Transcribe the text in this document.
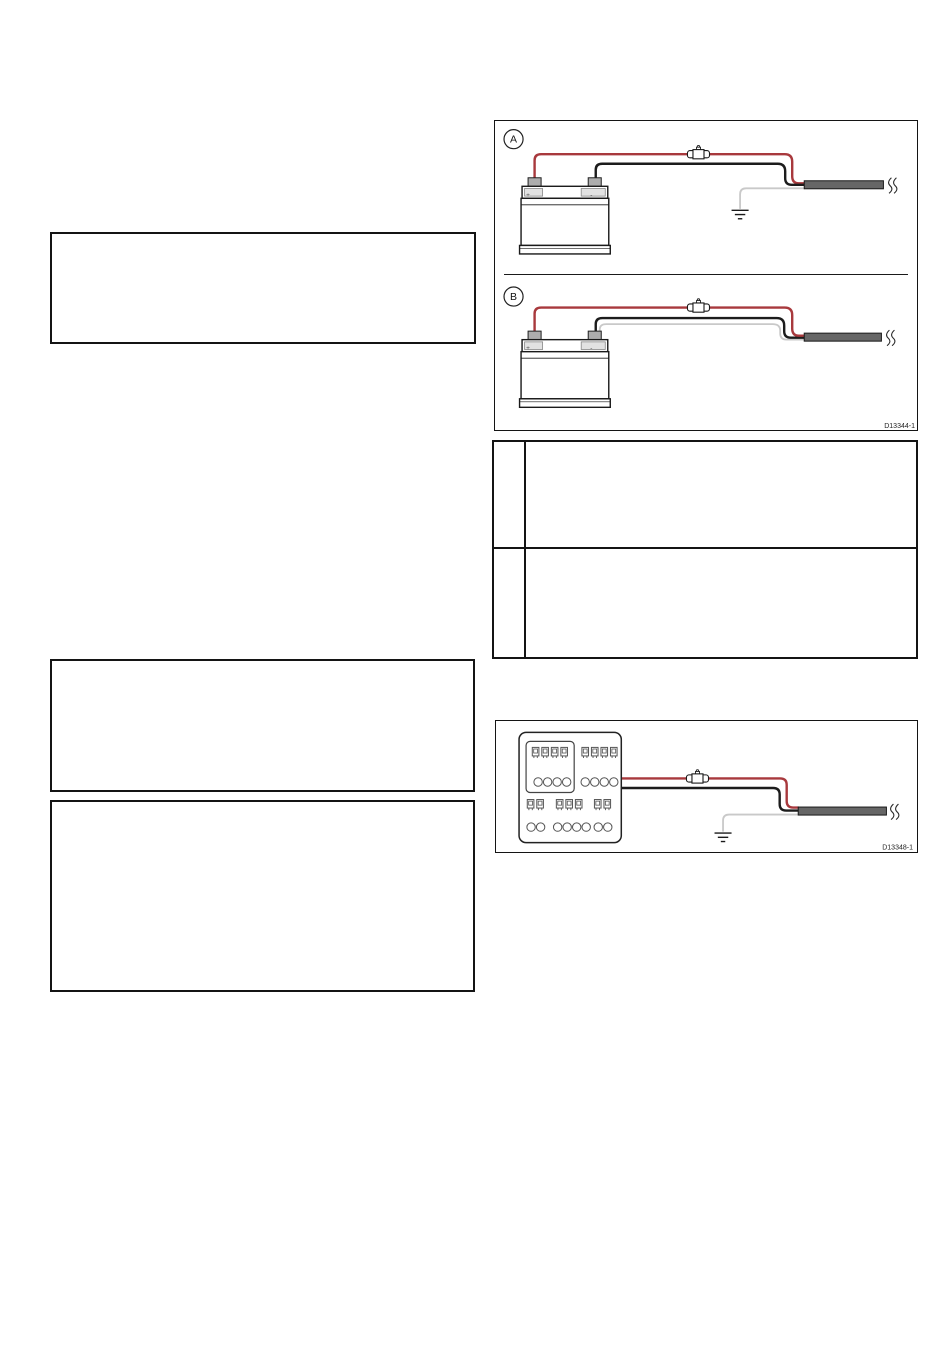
+	-
A
+	-
B
D13344-1
D13348-1
